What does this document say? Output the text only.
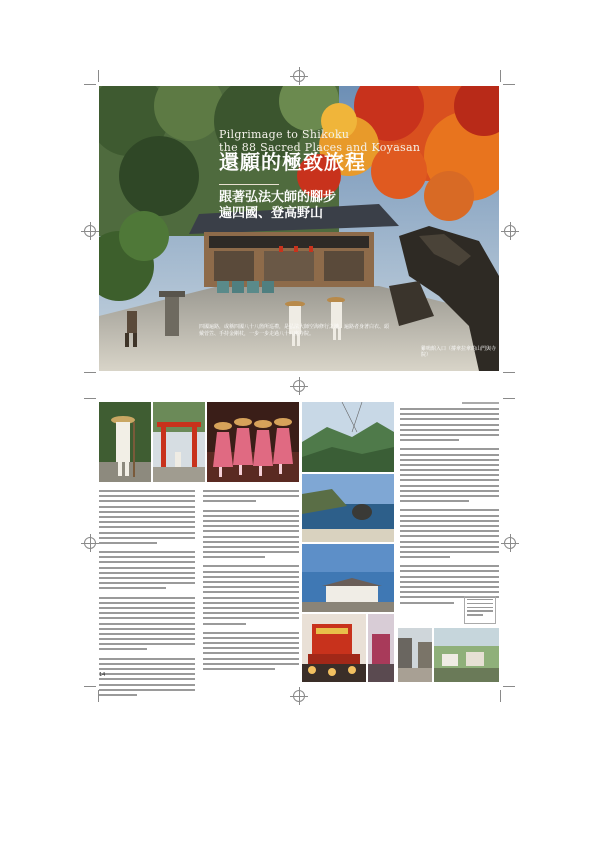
Pilgrimage to Shikoku
the 88 Sacred Places and Koyasan
還願的極致旅程
跟著弘法大師的腳步
遍四國、登高野山
四國遍路，或稱四國八十八箇所巡禮，是弘法大師空海修行之地。遍路者身著白衣、頭戴菅笠、手持金剛杖，一步一步走過八十八座寺院。
雞嗚館入口（撐傘拉傘的山門與寺院）
14
